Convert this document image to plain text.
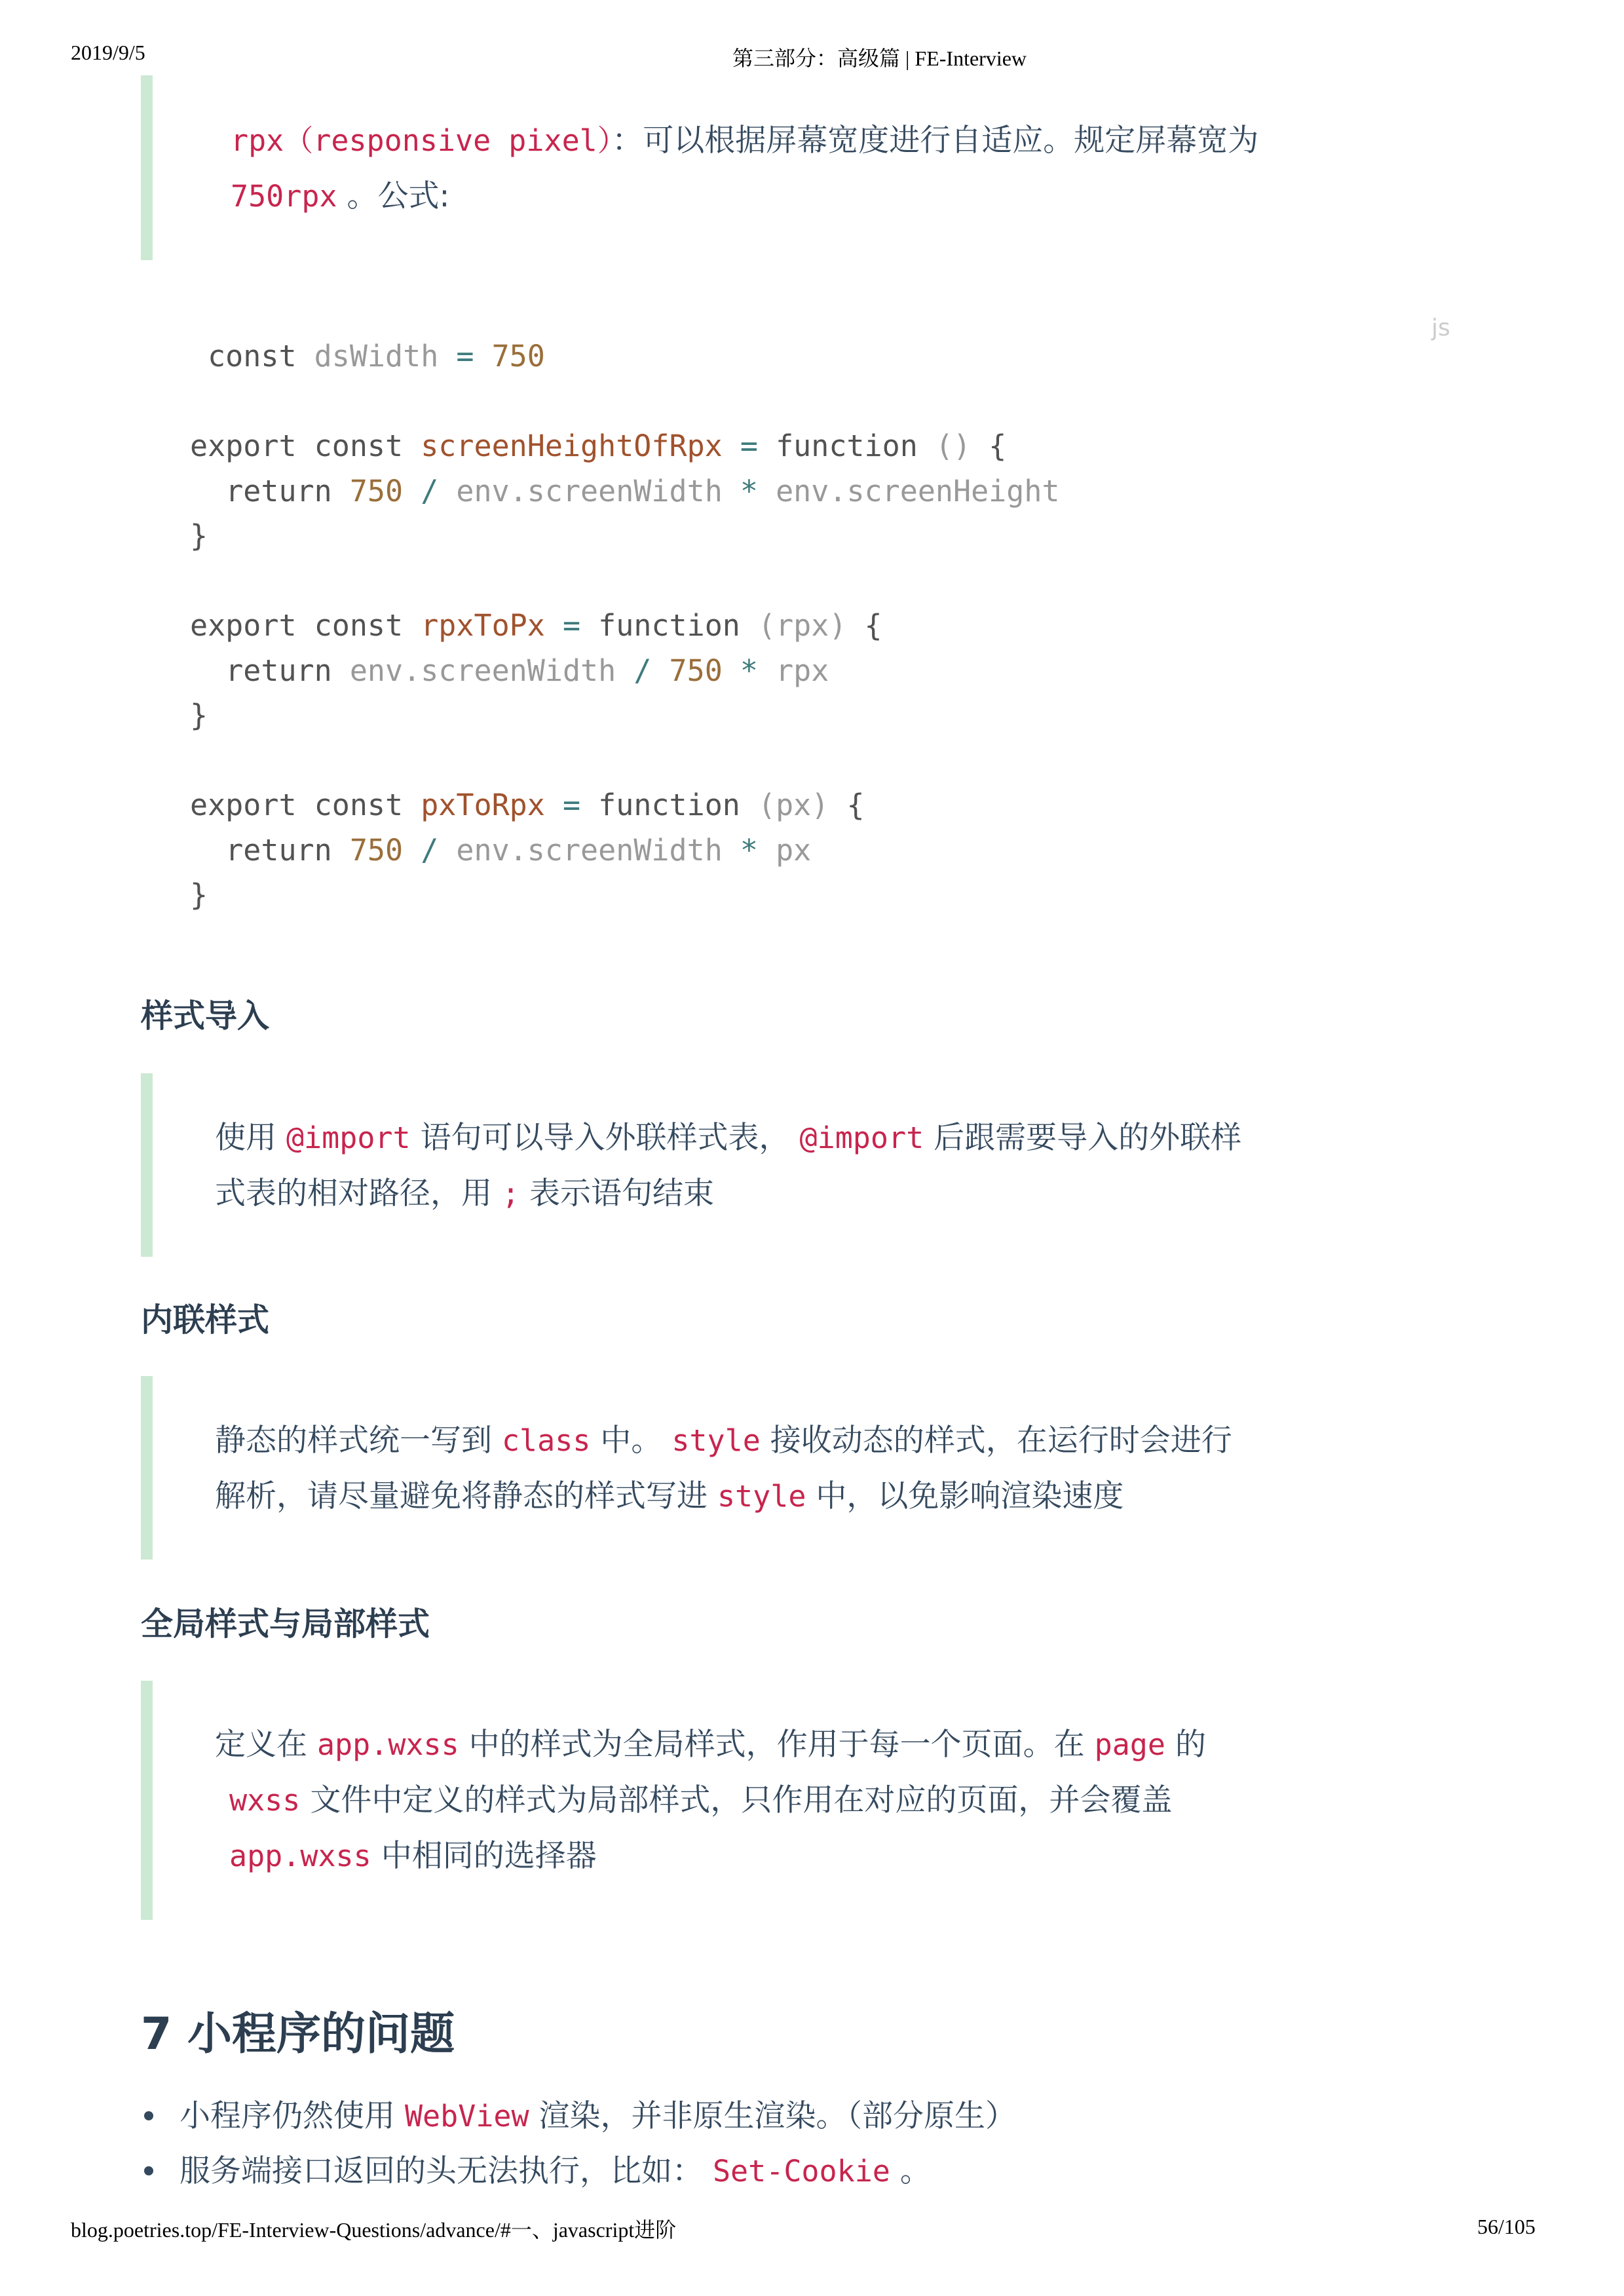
2019/9/5	第三部分：高级篇 | FE-Interview
blog.poetries.top/FE-Interview-Questions/advance/#一、javascript进阶	56/105
rpx（responsive pixel）：可以根据屏幕宽度进行自适应。规定屏幕宽为
750rpx 。公式:
js
const dsWidth = 750

export const screenHeightOfRpx = function () {
return 750 / env.screenWidth * env.screenHeight
}

export const rpxToPx = function (rpx) {
return env.screenWidth / 750 * rpx
}

export const pxToRpx = function (px) {
return 750 / env.screenWidth * px
}
样式导入
使用 @import 语句可以导入外联样式表， @import 后跟需要导入的外联样
式表的相对路径，用 ; 表示语句结束
内联样式
静态的样式统一写到 class 中。 style 接收动态的样式，在运行时会进行
解析，请尽量避免将静态的样式写进 style 中，以免影响渲染速度
全局样式与局部样式
定义在 app.wxss 中的样式为全局样式，作用于每一个页面。在 page 的
wxss 文件中定义的样式为局部样式，只作用在对应的页面，并会覆盖
app.wxss 中相同的选择器
7 小程序的问题
小程序仍然使用 WebView 渲染，并非原生渲染。（部分原生）
服务端接口返回的头无法执行，比如： Set-Cookie 。
